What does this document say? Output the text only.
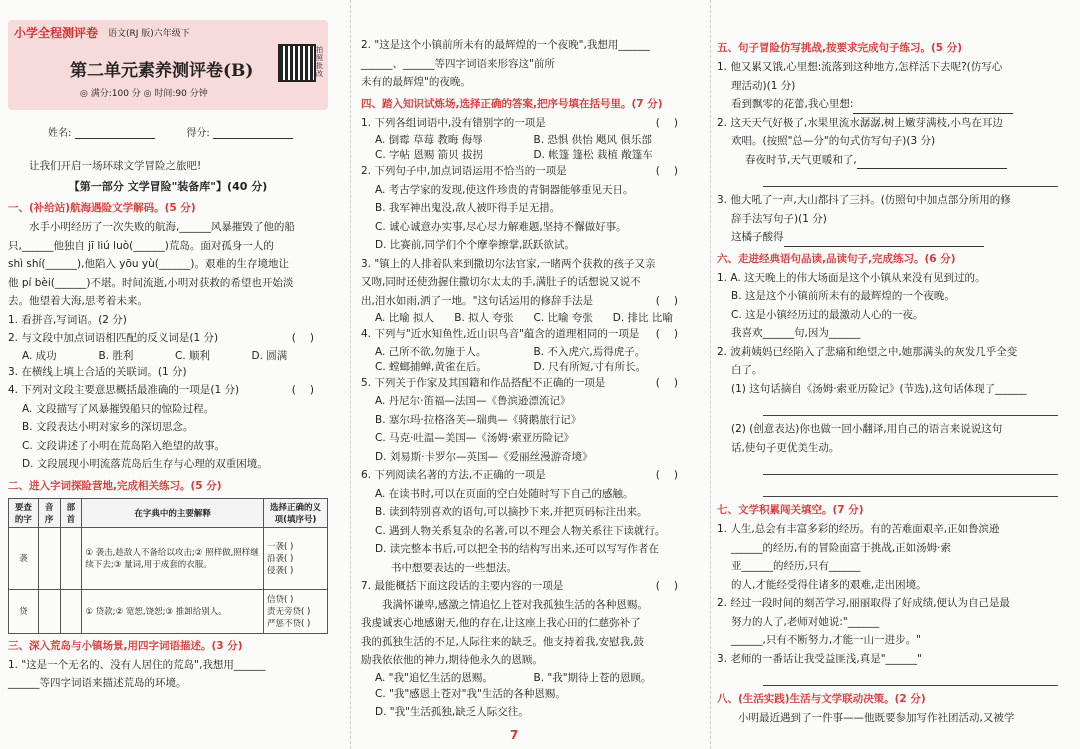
小学全程测评卷 语文(RJ 版)六年级下
第二单元素养测评卷(B)
◎ 满分:100 分 ◎ 时间:90 分钟
拍照批改
姓名:	得分:

让我们开启一场环球文学冒险之旅吧!

【第一部分 文学冒险"装备库"】(40 分)

一、(补给站)航海遇险文学解码。(5 分)

水手小明经历了一次失败的航海,______风暴摧毁了他的船

只,______他独自 jī liú luò(______)荒岛。面对孤身一人的

shì shí(______),他陷入 yōu yù(______)。艰难的生存境地让

他 pí bèi(______)不堪。时间流逝,小明对获救的希望也开始淡

去。他望着大海,思考着未来。

1. 看拼音,写词语。(2 分)

2. 与文段中加点词语相匹配的反义词是(1 分)	()

A. 成功	B. 胜利	C. 顺利	D. 圆满

3. 在横线上填上合适的关联词。(1 分)

4. 下列对文段主要意思概括最准确的一项是(1 分)	()

A. 文段描写了风暴摧毁船只的惊险过程。

B. 文段表达小明对家乡的深切思念。

C. 文段讲述了小明在荒岛陷入绝望的故事。

D. 文段展现小明流落荒岛后生存与心理的双重困境。

二、进入字词探险营地,完成相关练习。(5 分)

要查的字	音 序	部 首	在字典中的主要解释	选择正确的义项(填序号)
袭			① 袭击,趁敌人不备给以攻击;② 照样做,照样继续下去;③ 量词,用于成套的衣服。	一袭( )
沿袭( )
侵袭( )
贷			① 贷款;② 宽恕,饶恕;③ 推卸给别人。	信贷( )
责无旁贷( )
严惩不贷( )

三、深入荒岛与小镇场景,用四字词语描述。(3 分)

1. "这是一个无名的、没有人居住的荒岛",我想用______

______等四字词语来描述荒岛的环境。

2. "这是这个小镇前所未有的最辉煌的一个夜晚",我想用______

______、______等四字词语来形容这"前所

未有的最辉煌"的夜晚。

四、踏入知识试炼场,选择正确的答案,把序号填在括号里。(7 分)

1. 下列各组词语中,没有错别字的一项是	()

A. 倒霉 草莓 教晦 侮辱	B. 恐惧 供怡 飓风 俱乐部
C. 字帖 恩赐 箭贝 拔拐	D. 帐篷 篷松 栽植 敞篷车

2. 下列句子中,加点词语运用不恰当的一项是	()

A. 考古学家的发现,使这件珍贵的青铜器能够重见天日。

B. 我军神出鬼没,敌人被吓得手足无措。

C. 诚心诚意办实事,尽心尽力解难题,坚持不懈做好事。

D. 比赛前,同学们个个摩拳擦掌,跃跃欲试。

3. "镇上的人排着队来到撒切尔法官家,一睹两个获救的孩子又亲

又吻,同时还使劲握住撒切尔太太的手,满肚子的话想说又说不

出,泪水如雨,洒了一地。"这句话运用的修辞手法是	()

A. 比喻 拟人	B. 拟人 夸张	C. 比喻 夸张	D. 排比 比喻

4. 下列与"近水知鱼性,近山识鸟音"蕴含的道理相同的一项是 ()

A. 己所不欲,勿施于人。	B. 不入虎穴,焉得虎子。
C. 螳螂捕蝉,黄雀在后。	D. 尺有所短,寸有所长。

5. 下列关于作家及其国籍和作品搭配不正确的一项是	()

A. 丹尼尔·笛福—法国—《鲁滨逊漂流记》

B. 塞尔玛·拉格洛芙—瑞典—《骑鹅旅行记》

C. 马克·吐温—美国—《汤姆·索亚历险记》

D. 刘易斯·卡罗尔—英国—《爱丽丝漫游奇境》

6. 下列阅读名著的方法,不正确的一项是	()

A. 在读书时,可以在页面的空白处随时写下自己的感触。

B. 读到特别喜欢的语句,可以摘抄下来,并把页码标注出来。

C. 遇到人物关系复杂的名著,可以不理会人物关系往下读就行。

D. 读完整本书后,可以把全书的结构写出来,还可以写写作者在

书中想要表达的一些想法。

7. 最能概括下面这段话的主要内容的一项是	()

我满怀谦卑,感激之情追忆上苍对我孤独生活的各种恩赐。

我虔诚衷心地感谢天,他的存在,让这座上我心田的仁慈弥补了

我的孤独生活的不足,人际往来的缺乏。他支持着我,安慰我,鼓

励我依依他的神力,期待他永久的恩顾。

A. "我"追忆生活的恩赐。	B. "我"期待上苍的恩顾。

C. "我"感恩上苍对"我"生活的各种恩赐。

D. "我"生活孤独,缺乏人际交往。

五、句子冒险仿写挑战,按要求完成句子练习。(5 分)

1. 他又累又饿,心里想:流落到这种地方,怎样活下去呢?(仿写心

理活动)(1 分)

看到飘零的花蕾,我心里想:

2. 这天天气好极了,水果里流水潺潺,树上嫩芽满枝,小鸟在耳边

欢唱。(按照"总—分"的句式仿写句子)(3 分)

春夜时节,天气更暖和了,

3. 他大吼了一声,大山都抖了三抖。(仿照句中加点部分所用的修

辞手法写句子)(1 分)

这橘子酸得

六、走进经典语句品读,品读句子,完成练习。(6 分)

1. A. 这天晚上的伟大场面是这个小镇从来没有见到过的。

B. 这是这个小镇前所未有的最辉煌的一个夜晚。

C. 这是小镇经历过的最激动人心的一夜。

我喜欢______句,因为______

2. 波莉姨妈已经陷入了悲痛和绝望之中,她那满头的灰发几乎全变

白了。

(1) 这句话摘自《汤姆·索亚历险记》(节选),这句话体现了______

(2) (创意表达)你也做一回小翻译,用自己的语言来说说这句

话,使句子更优美生动。

七、文学积累闯关填空。(7 分)

1. 人生,总会有丰富多彩的经历。有的苦难面艰辛,正如鲁滨逊

______的经历,有的冒险面富于挑战,正如汤姆·索

亚______的经历,只有______

的人,才能经受得住诸多的艰难,走出困境。

2. 经过一段时间的刻苦学习,丽丽取得了好成绩,便认为自己是最

努力的人了,老师对她说:"______

______,只有不断努力,才能一山一进步。"

3. 老师的一番话让我受益匪浅,真是"______"

八、(生活实践)生活与文学联动决策。(2 分)

小明最近遇到了一件事——他既要参加写作社团活动,又被学

7
